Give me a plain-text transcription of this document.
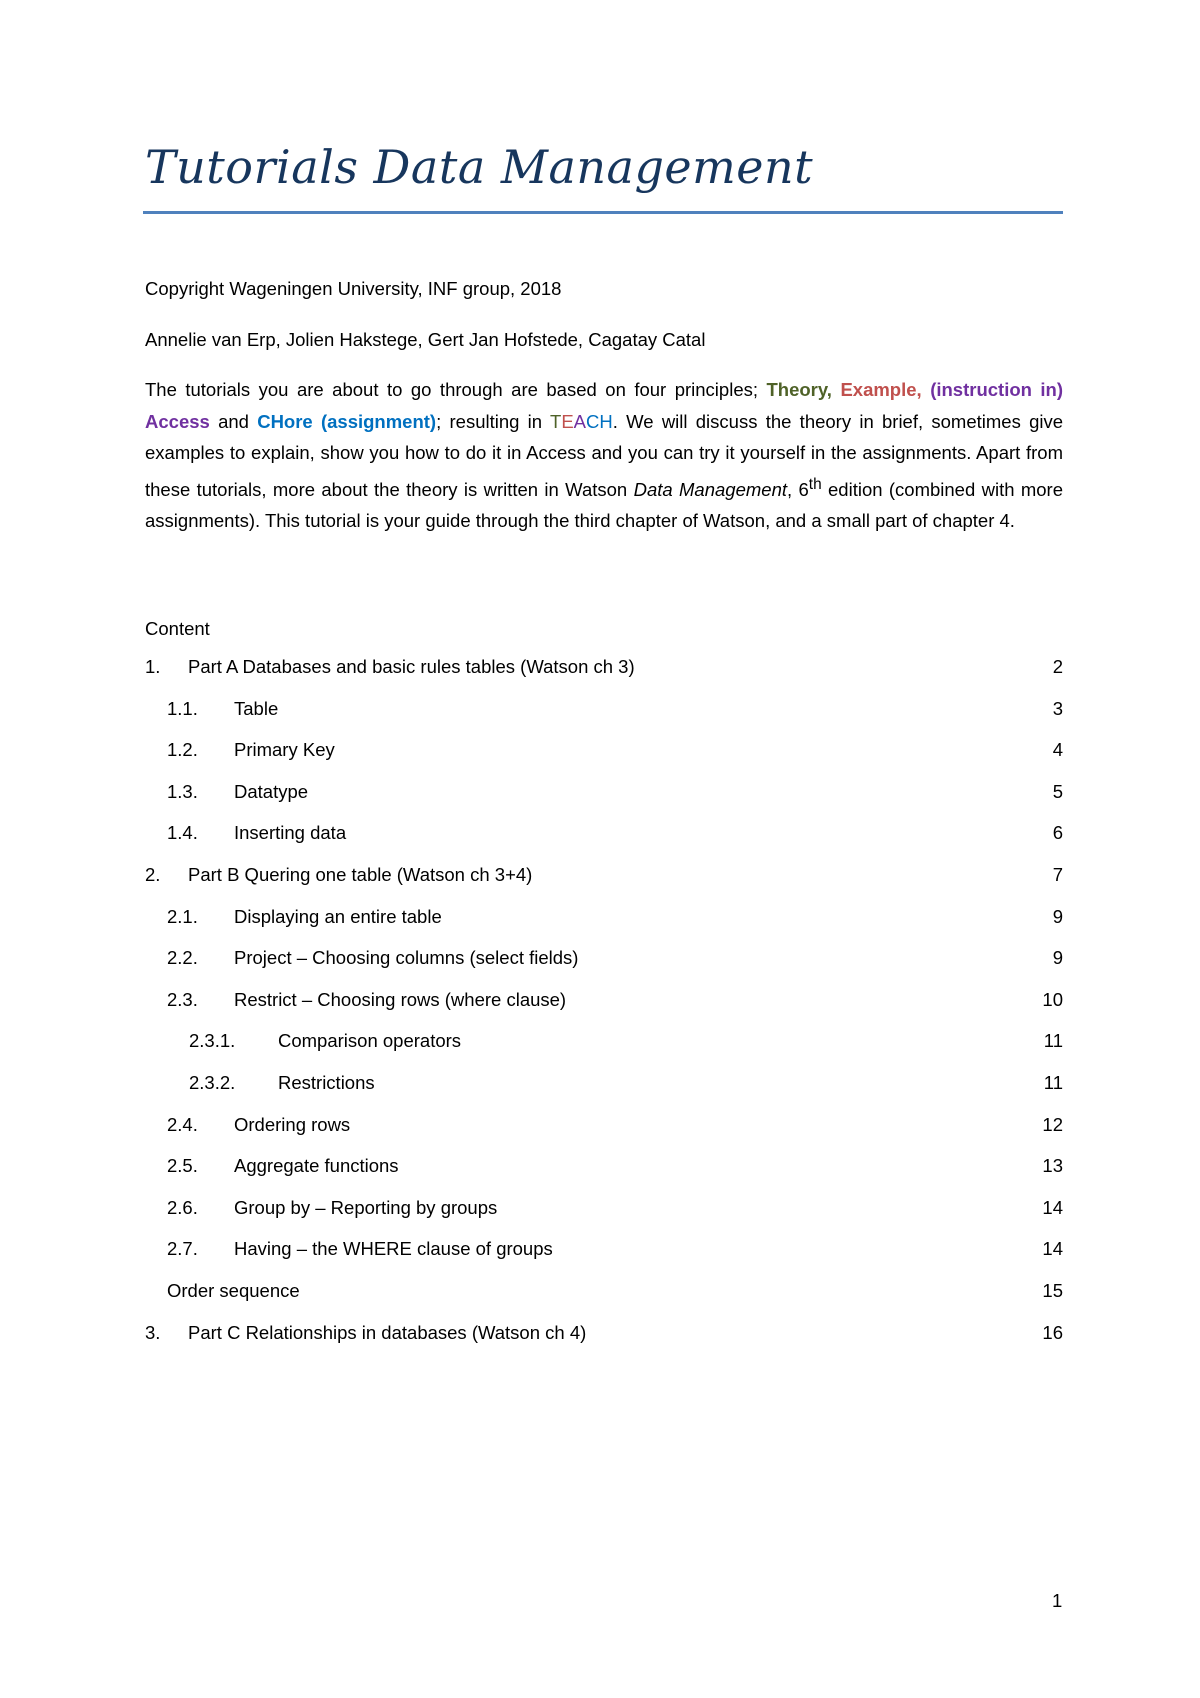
Tutorials Data Management
Copyright Wageningen University, INF group, 2018
Annelie van Erp, Jolien Hakstege, Gert Jan Hofstede, Cagatay Catal
The tutorials you are about to go through are based on four principles; Theory, Example, (instruction in) Access and CHore (assignment); resulting in TEACH. We will discuss the theory in brief, sometimes give examples to explain, show you how to do it in Access and you can try it yourself in the assignments. Apart from these tutorials, more about the theory is written in Watson Data Management, 6th edition (combined with more assignments). This tutorial is your guide through the third chapter of Watson, and a small part of chapter 4.
Content
1. Part A Databases and basic rules tables (Watson ch 3)	2
1.1. Table	3
1.2. Primary Key	4
1.3. Datatype	5
1.4. Inserting data	6
2. Part B Quering one table (Watson ch 3+4)	7
2.1. Displaying an entire table	9
2.2. Project – Choosing columns (select fields)	9
2.3. Restrict – Choosing rows (where clause)	10
2.3.1. Comparison operators	11
2.3.2. Restrictions	11
2.4. Ordering rows	12
2.5. Aggregate functions	13
2.6. Group by – Reporting by groups	14
2.7. Having – the WHERE clause of groups	14
Order sequence	15
3. Part C Relationships in databases (Watson ch 4)	16
1
